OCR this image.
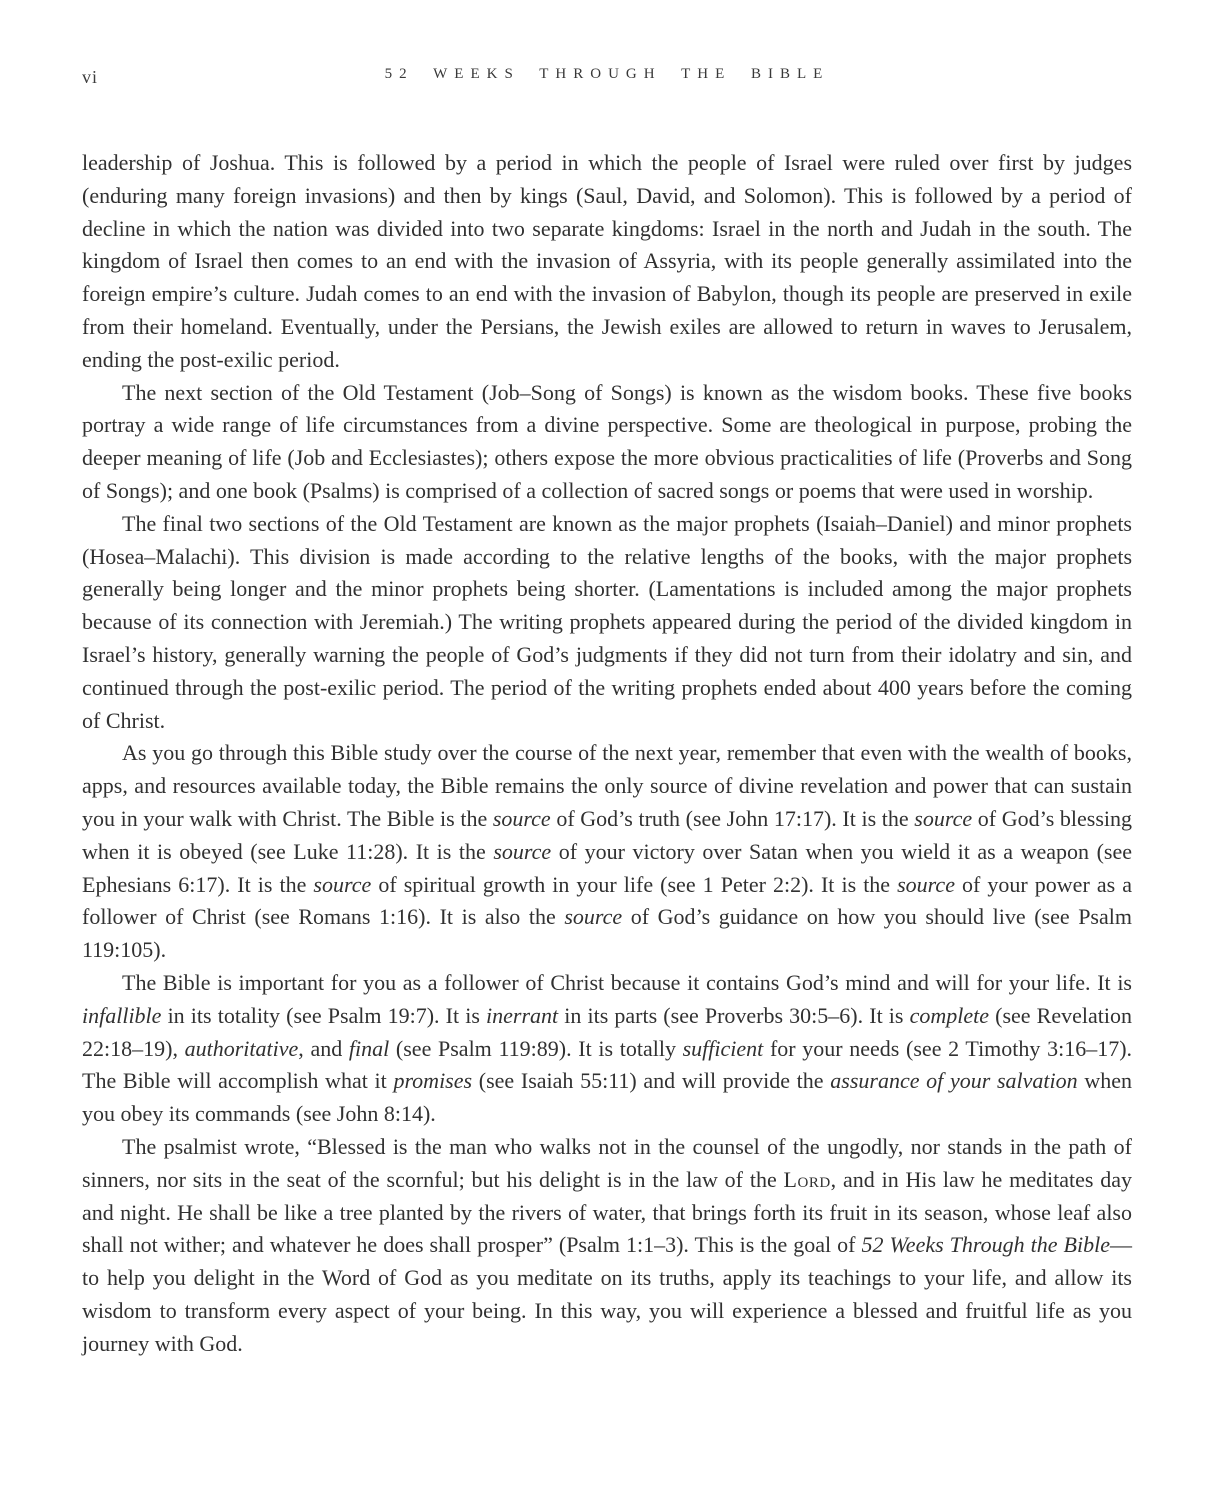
vi	52 WEEKS THROUGH THE BIBLE

leadership of Joshua. This is followed by a period in which the people of Israel were ruled over first by judges (enduring many foreign invasions) and then by kings (Saul, David, and Solomon). This is followed by a period of decline in which the nation was divided into two separate kingdoms: Israel in the north and Judah in the south. The kingdom of Israel then comes to an end with the invasion of Assyria, with its people generally assimilated into the foreign empire’s culture. Judah comes to an end with the invasion of Babylon, though its people are preserved in exile from their homeland. Eventually, under the Persians, the Jewish exiles are allowed to return in waves to Jerusalem, ending the post-exilic period.

The next section of the Old Testament (Job–Song of Songs) is known as the wisdom books. These five books portray a wide range of life circumstances from a divine perspective. Some are theological in purpose, probing the deeper meaning of life (Job and Ecclesiastes); others expose the more obvious practicalities of life (Proverbs and Song of Songs); and one book (Psalms) is comprised of a collection of sacred songs or poems that were used in worship.

The final two sections of the Old Testament are known as the major prophets (Isaiah–Daniel) and minor prophets (Hosea–Malachi). This division is made according to the relative lengths of the books, with the major prophets generally being longer and the minor prophets being shorter. (Lamentations is included among the major prophets because of its connection with Jeremiah.) The writing prophets appeared during the period of the divided kingdom in Israel’s history, generally warning the people of God’s judgments if they did not turn from their idolatry and sin, and continued through the post-exilic period. The period of the writing prophets ended about 400 years before the coming of Christ.

As you go through this Bible study over the course of the next year, remember that even with the wealth of books, apps, and resources available today, the Bible remains the only source of divine revelation and power that can sustain you in your walk with Christ. The Bible is the source of God’s truth (see John 17:17). It is the source of God’s blessing when it is obeyed (see Luke 11:28). It is the source of your victory over Satan when you wield it as a weapon (see Ephesians 6:17). It is the source of spiritual growth in your life (see 1 Peter 2:2). It is the source of your power as a follower of Christ (see Romans 1:16). It is also the source of God’s guidance on how you should live (see Psalm 119:105).

The Bible is important for you as a follower of Christ because it contains God’s mind and will for your life. It is infallible in its totality (see Psalm 19:7). It is inerrant in its parts (see Proverbs 30:5–6). It is complete (see Revelation 22:18–19), authoritative, and final (see Psalm 119:89). It is totally sufficient for your needs (see 2 Timothy 3:16–17). The Bible will accomplish what it promises (see Isaiah 55:11) and will provide the assurance of your salvation when you obey its commands (see John 8:14).

The psalmist wrote, “Blessed is the man who walks not in the counsel of the ungodly, nor stands in the path of sinners, nor sits in the seat of the scornful; but his delight is in the law of the Lord, and in His law he meditates day and night. He shall be like a tree planted by the rivers of water, that brings forth its fruit in its season, whose leaf also shall not wither; and whatever he does shall prosper” (Psalm 1:1–3). This is the goal of 52 Weeks Through the Bible—to help you delight in the Word of God as you meditate on its truths, apply its teachings to your life, and allow its wisdom to transform every aspect of your being. In this way, you will experience a blessed and fruitful life as you journey with God.
